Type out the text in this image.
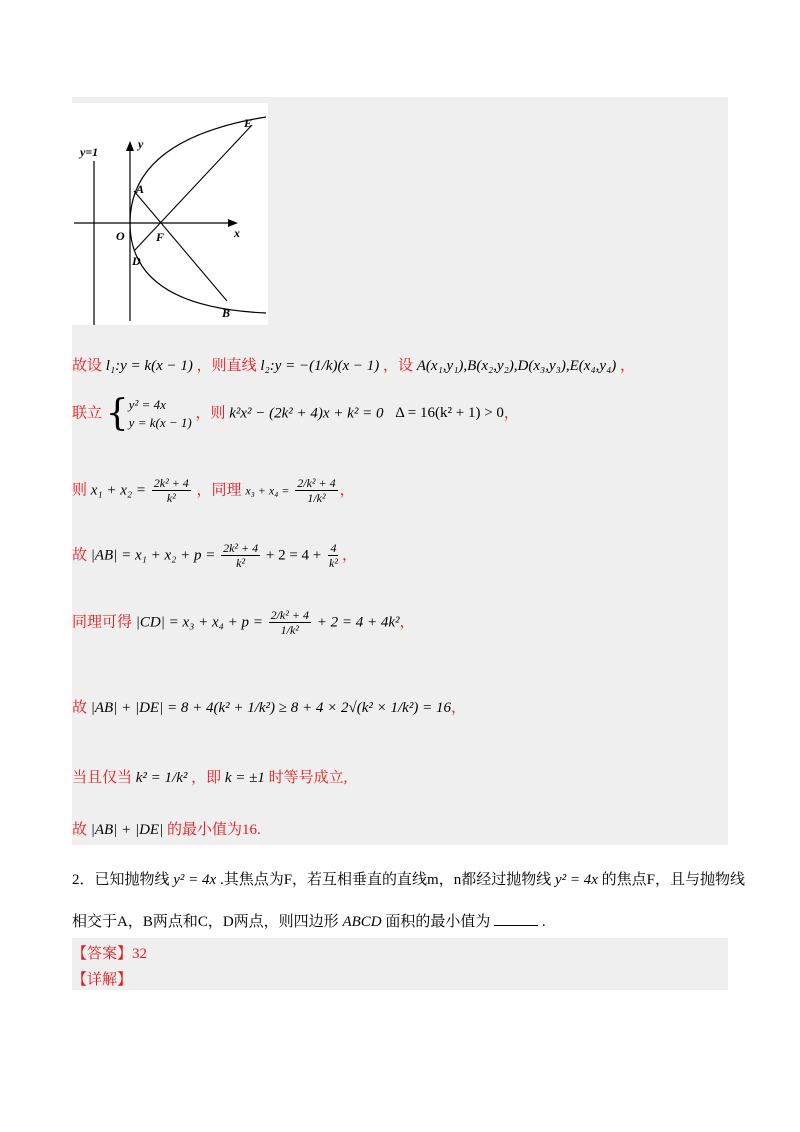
y=1
y
x
O
A
B
D
E
F
故设 l₁:y = k(x − 1) ，则直线 l₂:y = −(1/k)(x − 1) ，设 A(x₁,y₁),B(x₂,y₂),D(x₃,y₃),E(x₄,y₄) ，
联立 { y² = 4x
y = k(x − 1)
，则 k²x² − (2k² + 4)x + k² = 0 Δ = 16(k² + 1) > 0，
则 $x_1 + x_2 = \frac{\text{2k² + 4}}{\text{k²}}$ ，同理 $x_3 + x_4 = \frac{\text{2/k² + 4}}{\text{1/k²}}$ ，
故 $|AB| = x_1 + x_2 + p = \frac{\text{2k² + 4}}{\text{k²}} + 2 = 4 + \frac{4}{\text{k²}}$ ，
同理可得 $|CD| = x_3 + x_4 + p = \frac{\text{2/k² + 4}}{\text{1/k²}} + 2 = 4 + 4k^2$，
故 |AB| + |DE| = 8 + 4(k² + 1/k²) ≥ 8 + 4 × 2√(k² × 1/k²) = 16，
当且仅当 k² = 1/k² ，即 k = ±1 时等号成立,
故 |AB| + |DE| 的最小值为16.
2．已知抛物线 y² = 4x .其焦点为F，若互相垂直的直线m，n都经过抛物线 y² = 4x 的焦点F，且与抛物线
相交于A，B两点和C，D两点，则四边形 ABCD 面积的最小值为	.
【答案】32
【详解】
